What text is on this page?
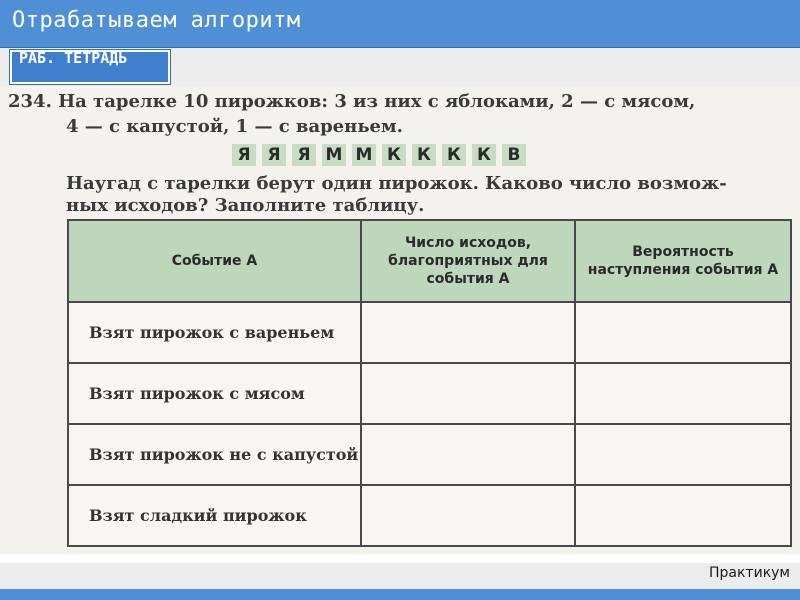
Отрабатываем алгоритм
РАБ. ТЕТРАДЬ
234. На тарелке 10 пирожков: 3 из них с яблоками, 2 — с мясом,
4 — с капустой, 1 — с вареньем.
Я Я Я М М К К К К В
Наугад с тарелки берут один пирожок. Каково число возмож-
ных исходов? Заполните таблицу.
Событие A	Число исходов, благоприятных для события A	Вероятность наступления события A
Взят пирожок с вареньем		
Взят пирожок с мясом		
Взят пирожок не с капустой		
Взят сладкий пирожок		
Практикум
